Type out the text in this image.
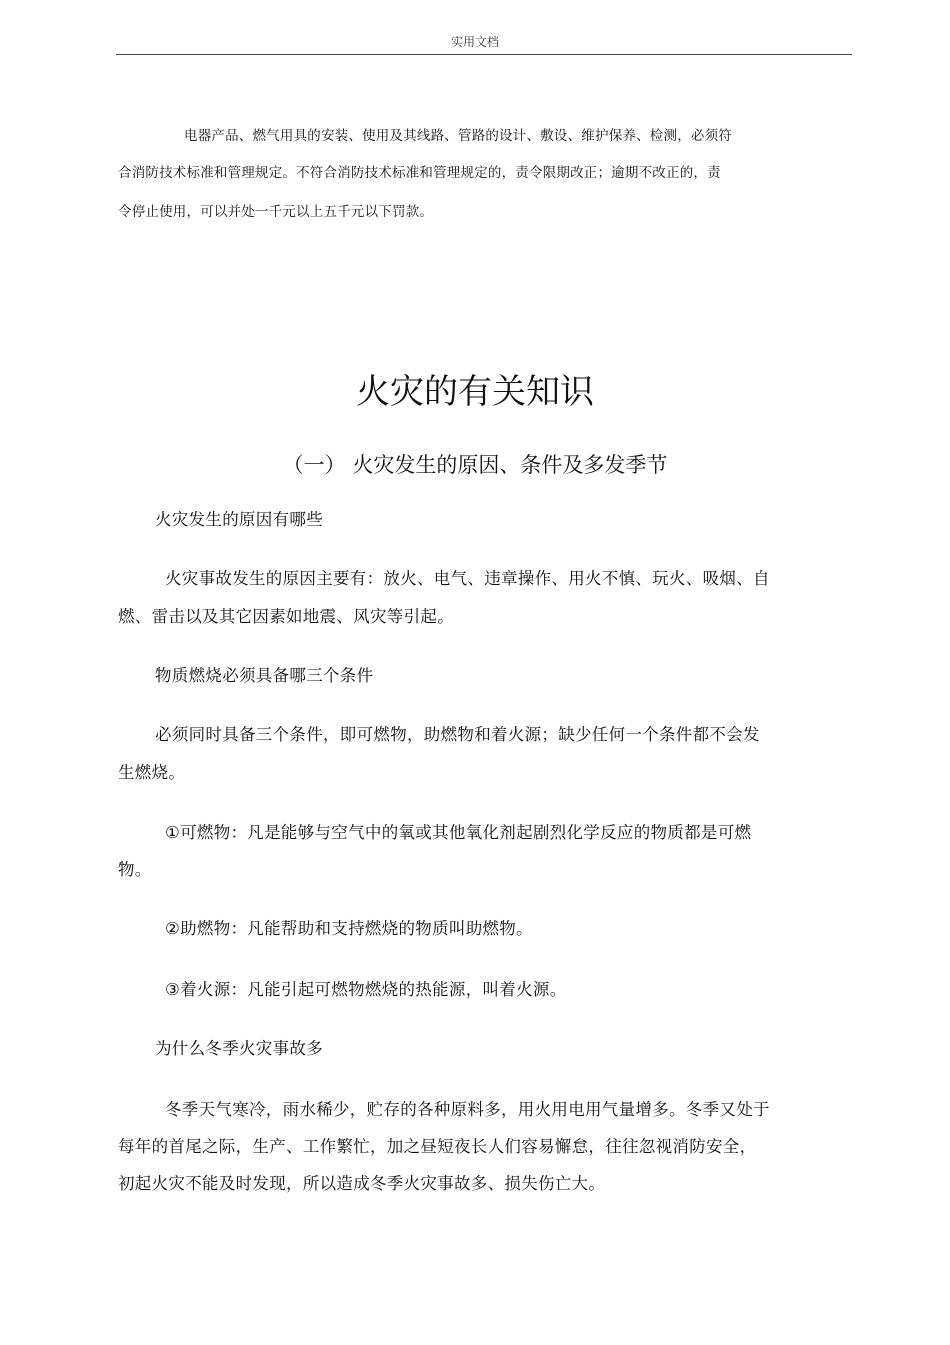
实用文档
电器产品、燃气用具的安装、使用及其线路、管路的设计、敷设、维护保养、检测，必须符
合消防技术标准和管理规定。不符合消防技术标准和管理规定的，责令限期改正；逾期不改正的，责
令停止使用，可以并处一千元以上五千元以下罚款。
火灾的有关知识
（一） 火灾发生的原因、条件及多发季节
火灾发生的原因有哪些
火灾事故发生的原因主要有：放火、电气、违章操作、用火不慎、玩火、吸烟、自
燃、雷击以及其它因素如地震、风灾等引起。
物质燃烧必须具备哪三个条件
必须同时具备三个条件，即可燃物，助燃物和着火源；缺少任何一个条件都不会发
生燃烧。
①可燃物：凡是能够与空气中的氧或其他氧化剂起剧烈化学反应的物质都是可燃
物。
②助燃物：凡能帮助和支持燃烧的物质叫助燃物。
③着火源：凡能引起可燃物燃烧的热能源，叫着火源。
为什么冬季火灾事故多
冬季天气寒冷，雨水稀少，贮存的各种原料多，用火用电用气量增多。冬季又处于
每年的首尾之际，生产、工作繁忙，加之昼短夜长人们容易懈怠，往往忽视消防安全，
初起火灾不能及时发现，所以造成冬季火灾事故多、损失伤亡大。
